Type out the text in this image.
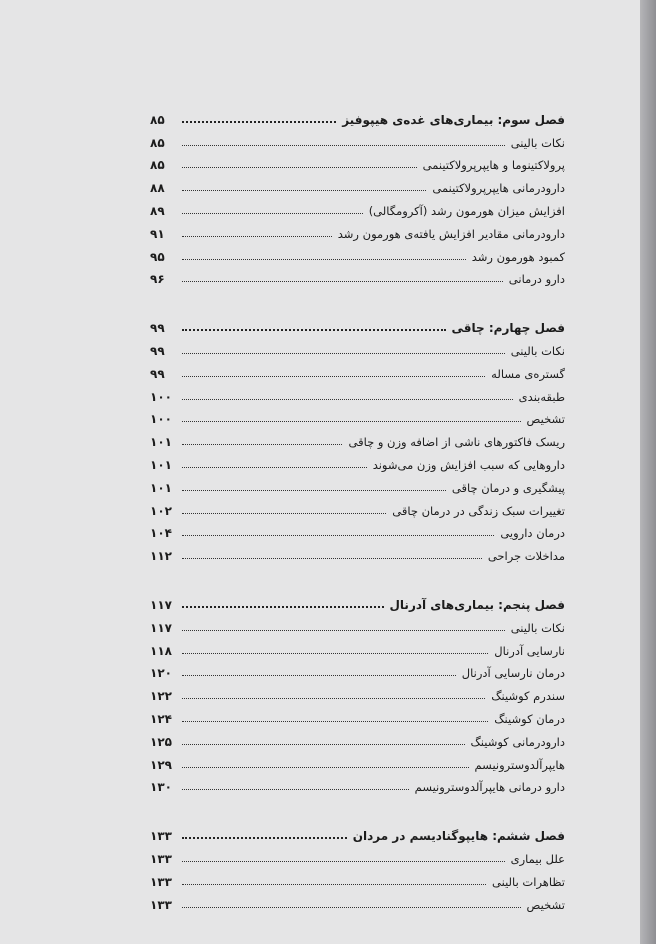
فصل سوم: بیماری‌های غده‌ی هیپوفیز
۸۵
نکات بالینی
۸۵
پرولاکتینوما و هایپرپرولاکتینمی
۸۵
دارودرمانی هایپرپرولاکتینمی
۸۸
افزایش میزان هورمون رشد (آکرومگالی)
۸۹
دارودرمانی مقادیر افزایش یافته‌ی هورمون رشد
۹۱
کمبود هورمون رشد
۹۵
دارو درمانی
۹۶
فصل چهارم: چاقی
۹۹
نکات بالینی
۹۹
گستره‌ی مساله
۹۹
طبقه‌بندی
۱۰۰
تشخیص
۱۰۰
ریسک فاکتورهای ناشی از اضافه وزن و چاقی
۱۰۱
داروهایی که سبب افزایش وزن می‌شوند
۱۰۱
پیشگیری و درمان چاقی
۱۰۱
تغییرات سبک زندگی در درمان چاقی
۱۰۲
درمان دارویی
۱۰۴
مداخلات جراحی
۱۱۲
فصل پنجم: بیماری‌های آدرنال
۱۱۷
نکات بالینی
۱۱۷
نارسایی آدرنال
۱۱۸
درمان نارسایی آدرنال
۱۲۰
سندرم کوشینگ
۱۲۲
درمان کوشینگ
۱۲۴
دارودرمانی کوشینگ
۱۲۵
هایپرآلدوسترونیسم
۱۲۹
دارو درمانی هایپرآلدوسترونیسم
۱۳۰
فصل ششم: هایپوگنادیسم در مردان
۱۳۳
علل بیماری
۱۳۳
تظاهرات بالینی
۱۳۳
تشخیص
۱۳۳
